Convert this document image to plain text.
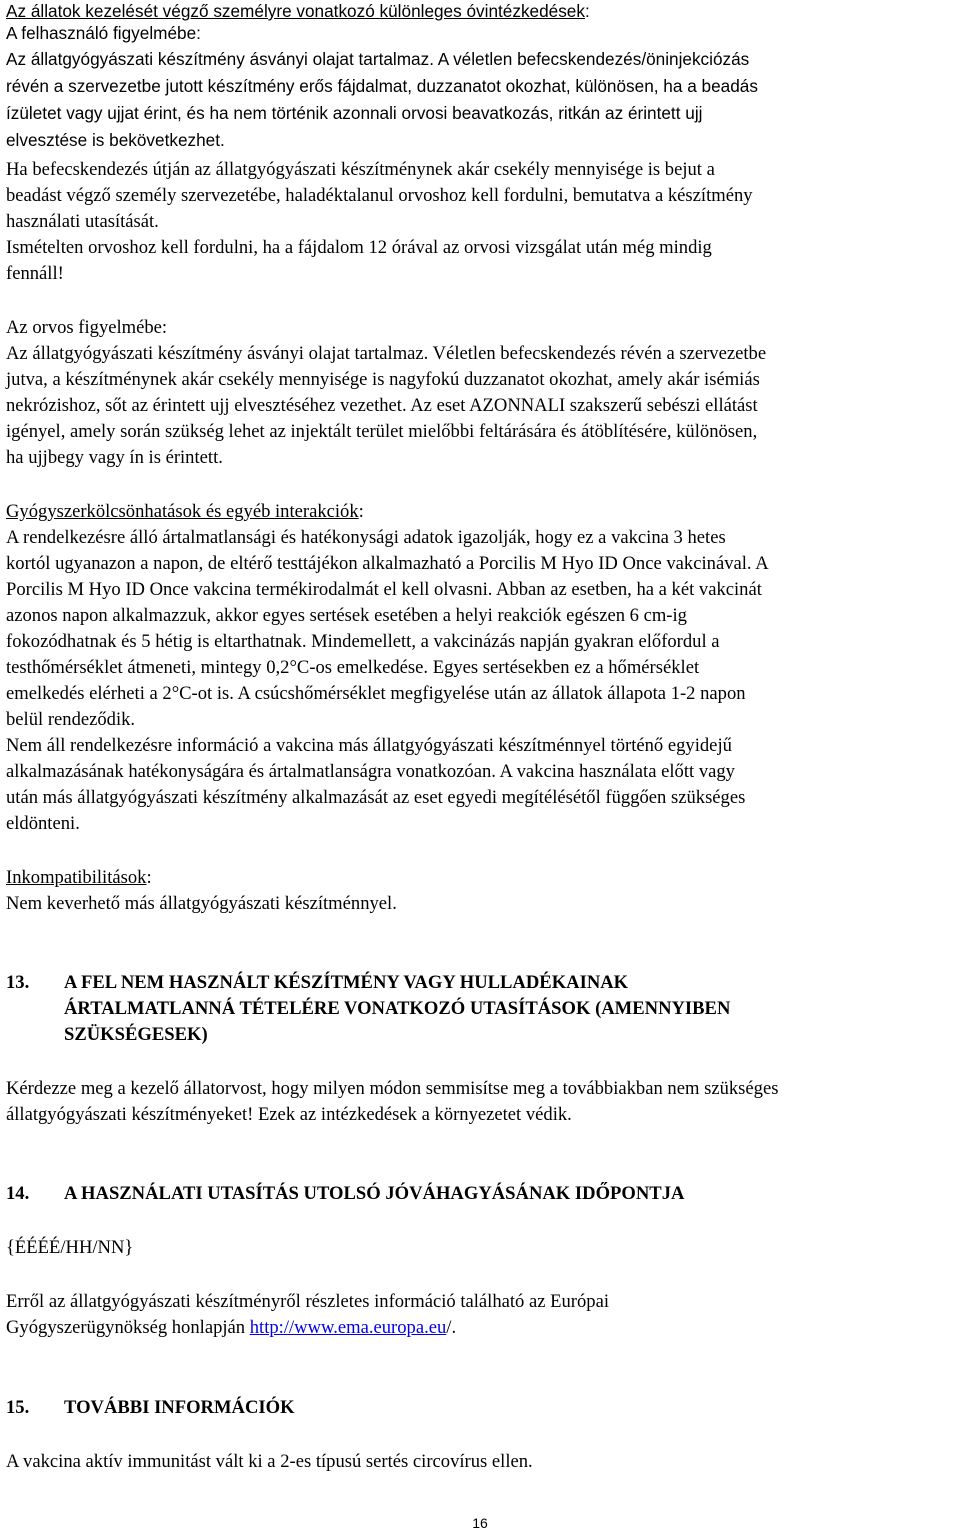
Az állatok kezelését végző személyre vonatkozó különleges óvintézkedések:
A felhasználó figyelmébe:
Az állatgyógyászati készítmény ásványi olajat tartalmaz. A véletlen befecskendezés/öninjekciózás
révén a szervezetbe jutott készítmény erős fájdalmat, duzzanatot okozhat, különösen, ha a beadás
ízületet vagy ujjat érint, és ha nem történik azonnali orvosi beavatkozás, ritkán az érintett ujj
elvesztése is bekövetkezhet.
Ha befecskendezés útján az állatgyógyászati készítménynek akár csekély mennyisége is bejut a
beadást végző személy szervezetébe, haladéktalanul orvoshoz kell fordulni, bemutatva a készítmény
használati utasítását.
Ismételten orvoshoz kell fordulni, ha a fájdalom 12 órával az orvosi vizsgálat után még mindig
fennáll!
Az orvos figyelmébe:
Az állatgyógyászati készítmény ásványi olajat tartalmaz. Véletlen befecskendezés révén a szervezetbe
jutva, a készítménynek akár csekély mennyisége is nagyfokú duzzanatot okozhat, amely akár isémiás
nekrózishoz, sőt az érintett ujj elvesztéséhez vezethet. Az eset AZONNALI szakszerű sebészi ellátást
igényel, amely során szükség lehet az injektált terület mielőbbi feltárására és átöblítésére, különösen,
ha ujjbegy vagy ín is érintett.
Gyógyszerkölcsönhatások és egyéb interakciók:
A rendelkezésre álló ártalmatlansági és hatékonysági adatok igazolják, hogy ez a vakcina 3 hetes
kortól ugyanazon a napon, de eltérő testtájékon alkalmazható a Porcilis M Hyo ID Once vakcinával. A
Porcilis M Hyo ID Once vakcina termékirodalmát el kell olvasni. Abban az esetben, ha a két vakcinát
azonos napon alkalmazzuk, akkor egyes sertések esetében a helyi reakciók egészen 6 cm-ig
fokozódhatnak és 5 hétig is eltarthatnak. Mindemellett, a vakcinázás napján gyakran előfordul a
testhőmérséklet átmeneti, mintegy 0,2°C-os emelkedése. Egyes sertésekben ez a hőmérséklet
emelkedés elérheti a 2°C-ot is. A csúcshőmérséklet megfigyelése után az állatok állapota 1-2 napon
belül rendeződik.
Nem áll rendelkezésre információ a vakcina más állatgyógyászati készítménnyel történő egyidejű
alkalmazásának hatékonyságára és ártalmatlanságra vonatkozóan. A vakcina használata előtt vagy
után más állatgyógyászati készítmény alkalmazását az eset egyedi megítélésétől függően szükséges
eldönteni.
Inkompatibilitások:
Nem keverhető más állatgyógyászati készítménnyel.
13. A FEL NEM HASZNÁLT KÉSZÍTMÉNY VAGY HULLADÉKAINAK
ÁRTALMATLANNÁ TÉTELÉRE VONATKOZÓ UTASÍTÁSOK (AMENNYIBEN
SZÜKSÉGESEK)
Kérdezze meg a kezelő állatorvost, hogy milyen módon semmisítse meg a továbbiakban nem szükséges
állatgyógyászati készítményeket! Ezek az intézkedések a környezetet védik.
14. A HASZNÁLATI UTASÍTÁS UTOLSÓ JÓVÁHAGYÁSÁNAK IDŐPONTJA
{ÉÉÉÉ/HH/NN}
Erről az állatgyógyászati készítményről részletes információ található az Európai
Gyógyszerügynökség honlapján http://www.ema.europa.eu/.
15. TOVÁBBI INFORMÁCIÓK
A vakcina aktív immunitást vált ki a 2-es típusú sertés circovírus ellen.
16
